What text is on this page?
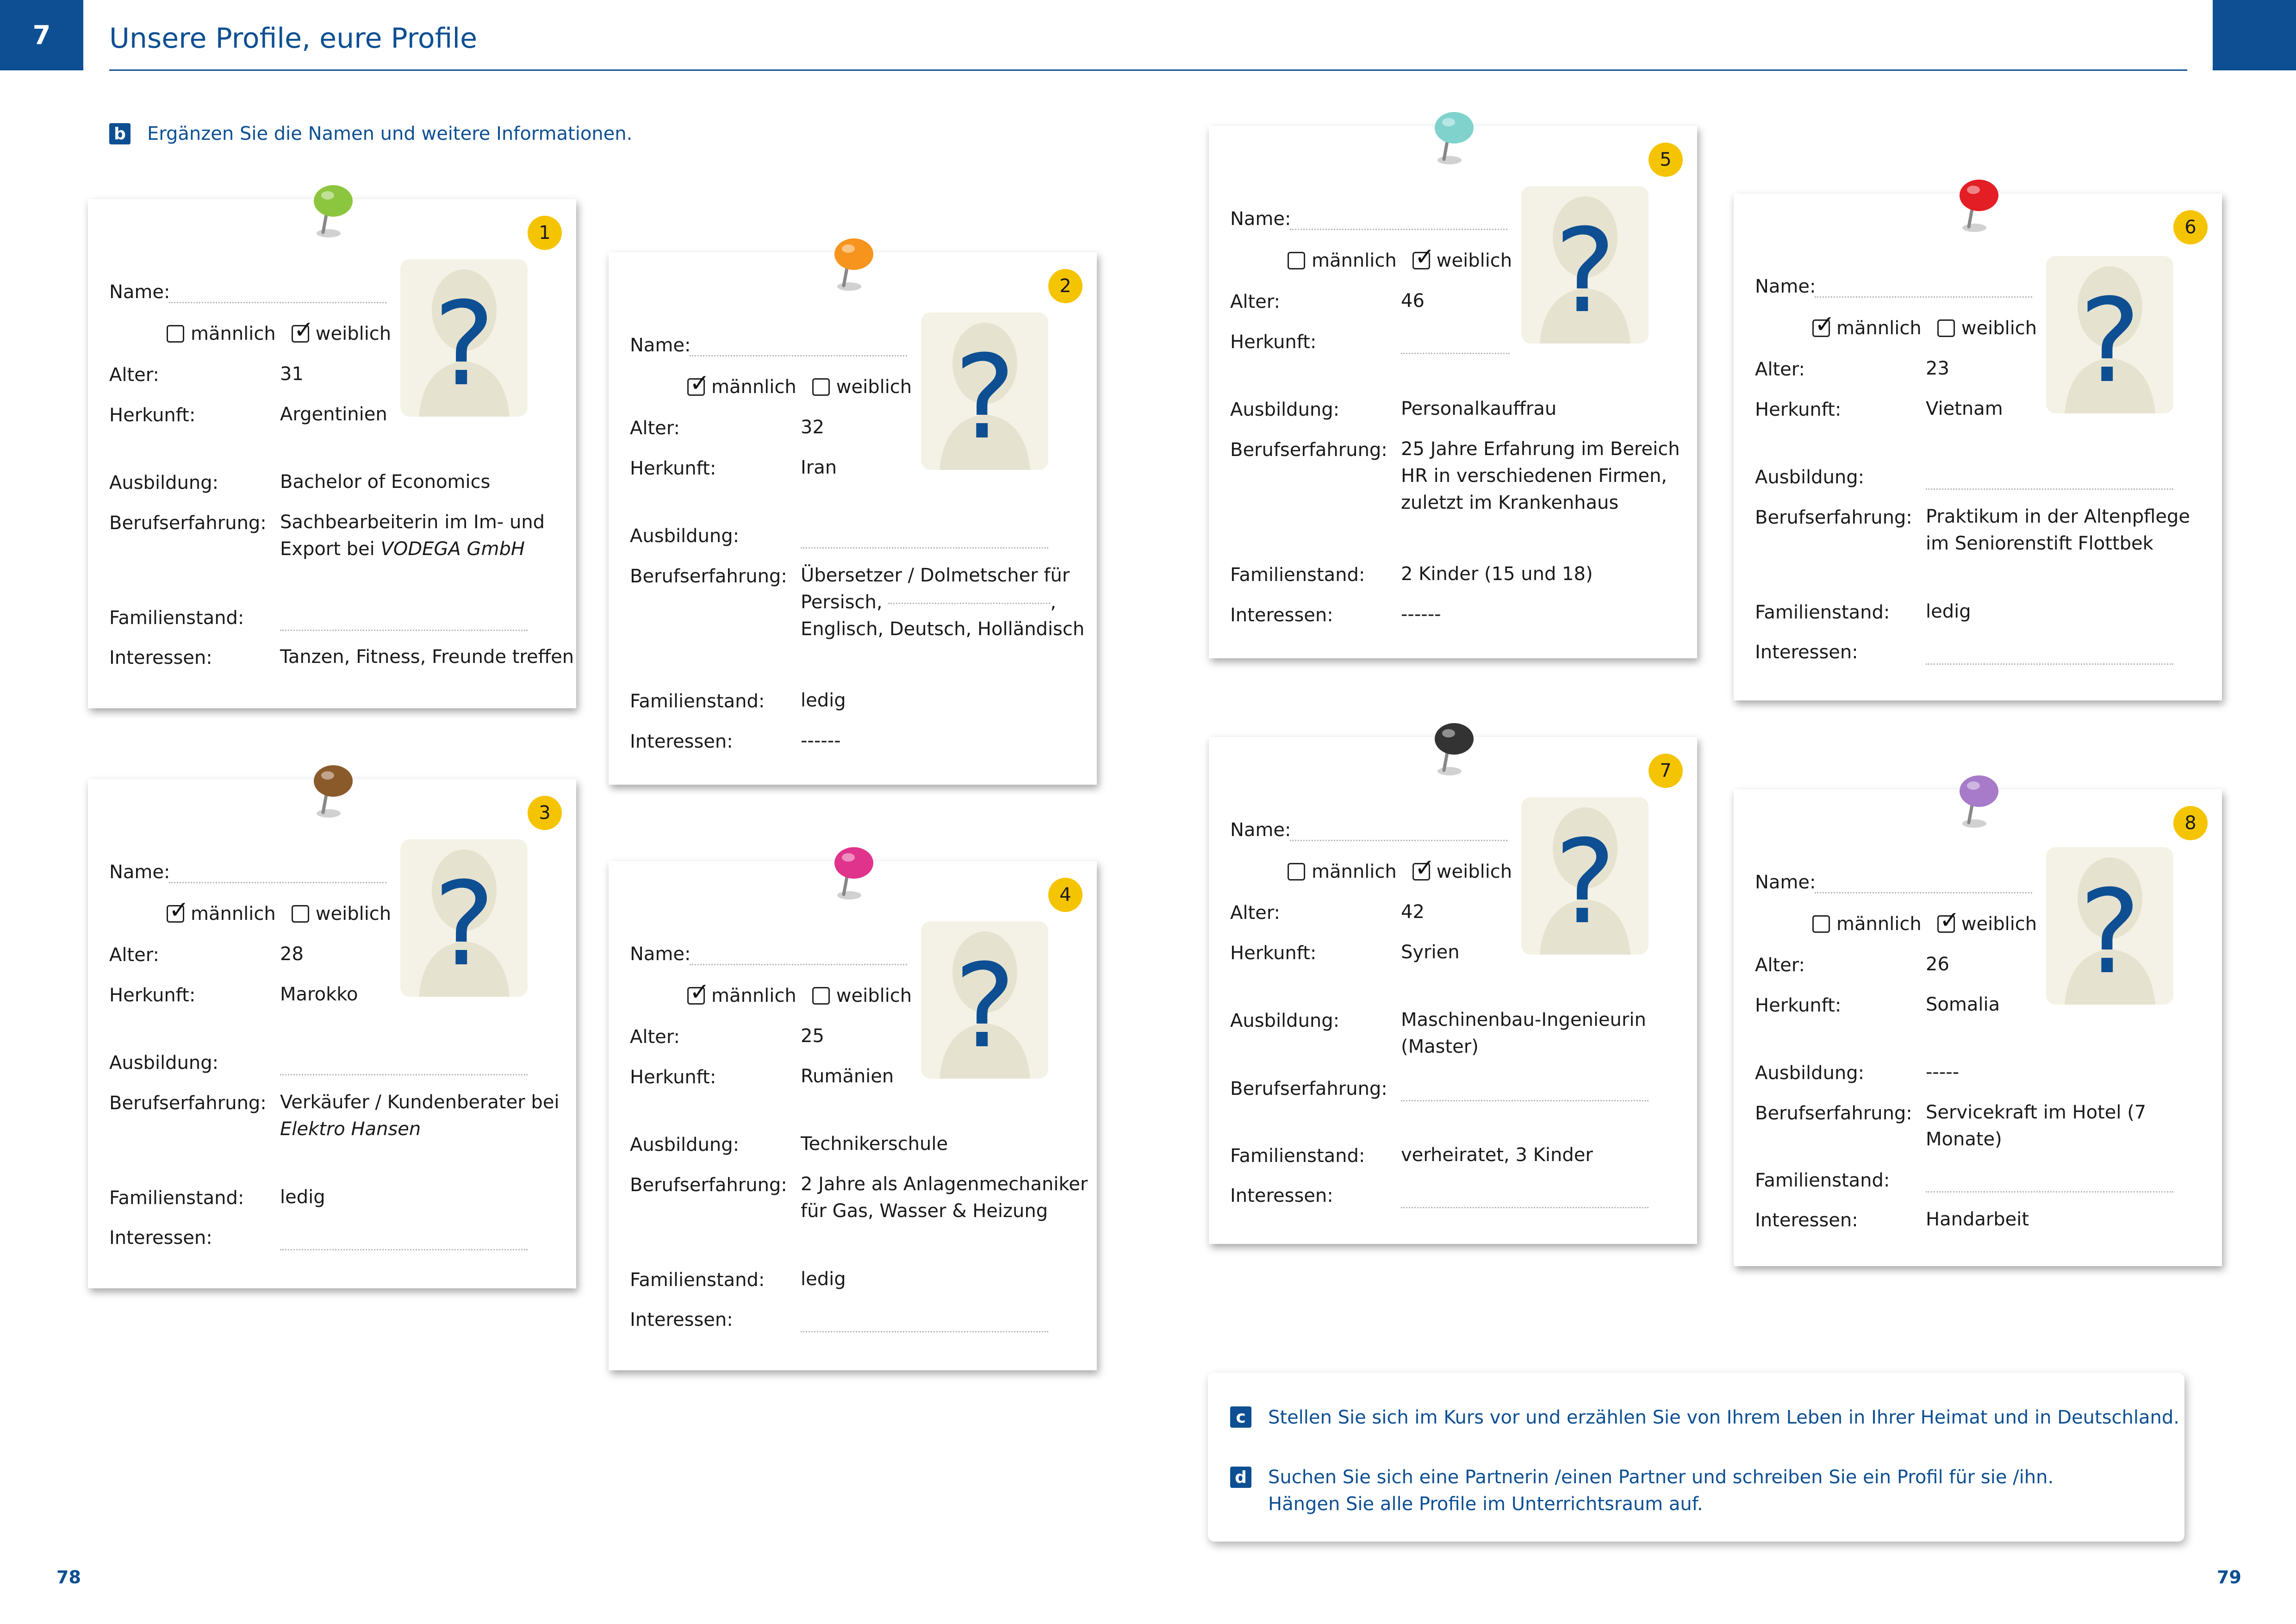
7	Unsere Profile, eure Profile
b Ergänzen Sie die Namen und weitere Informationen.
1
?
Name:
männlich ✓ weiblich
Alter:	31
Herkunft:	Argentinien
Ausbildung:	Bachelor of Economics
Berufserfahrung: Sachbearbeiterin im Im- und
Export bei VODEGA GmbH
Familienstand:
Interessen:	Tanzen, Fitness, Freunde treffen
2
?
Name:
✓ männlich weiblich
Alter:	32
Herkunft:	Iran
Ausbildung:
Berufserfahrung: Übersetzer / Dolmetscher für
Persisch,	,
Englisch, Deutsch, Holländisch
Familienstand: ledig
Interessen:	------
3
?
Name:
✓ männlich weiblich
Alter:	28
Herkunft:	Marokko
Ausbildung:
Berufserfahrung: Verkäufer / Kundenberater bei
Elektro Hansen
Familienstand: ledig
Interessen:
4
?
Name:
✓ männlich weiblich
Alter:	25
Herkunft:	Rumänien
Ausbildung:	Technikerschule
Berufserfahrung: 2 Jahre als Anlagenmechaniker
für Gas, Wasser & Heizung
Familienstand: ledig
Interessen:
5
?
Name:
männlich ✓ weiblich
Alter:	46
Herkunft:
Ausbildung:	Personalkauffrau
Berufserfahrung: 25 Jahre Erfahrung im Bereich
HR in verschiedenen Firmen,
zuletzt im Krankenhaus
Familienstand: 2 Kinder (15 und 18)
Interessen:	------
6
?
Name:
✓ männlich weiblich
Alter:	23
Herkunft:	Vietnam
Ausbildung:
Berufserfahrung: Praktikum in der Altenpflege
im Seniorenstift Flottbek
Familienstand: ledig
Interessen:
7
?
Name:
männlich ✓ weiblich
Alter:	42
Herkunft:	Syrien
Ausbildung:	Maschinenbau-Ingenieurin
(Master)
Berufserfahrung:
Familienstand: verheiratet, 3 Kinder
Interessen:
8
?
Name:
männlich ✓ weiblich
Alter:	26
Herkunft:	Somalia
Ausbildung:	-----
Berufserfahrung: Servicekraft im Hotel (7 Monate)
Familienstand:
Interessen:	Handarbeit
c	Stellen Sie sich im Kurs vor und erzählen Sie von Ihrem Leben in Ihrer Heimat und in Deutschland.
d Suchen Sie sich eine Partnerin /einen Partner und schreiben Sie ein Profil für sie /ihn.
Hängen Sie alle Profile im Unterrichtsraum auf.
78	79
